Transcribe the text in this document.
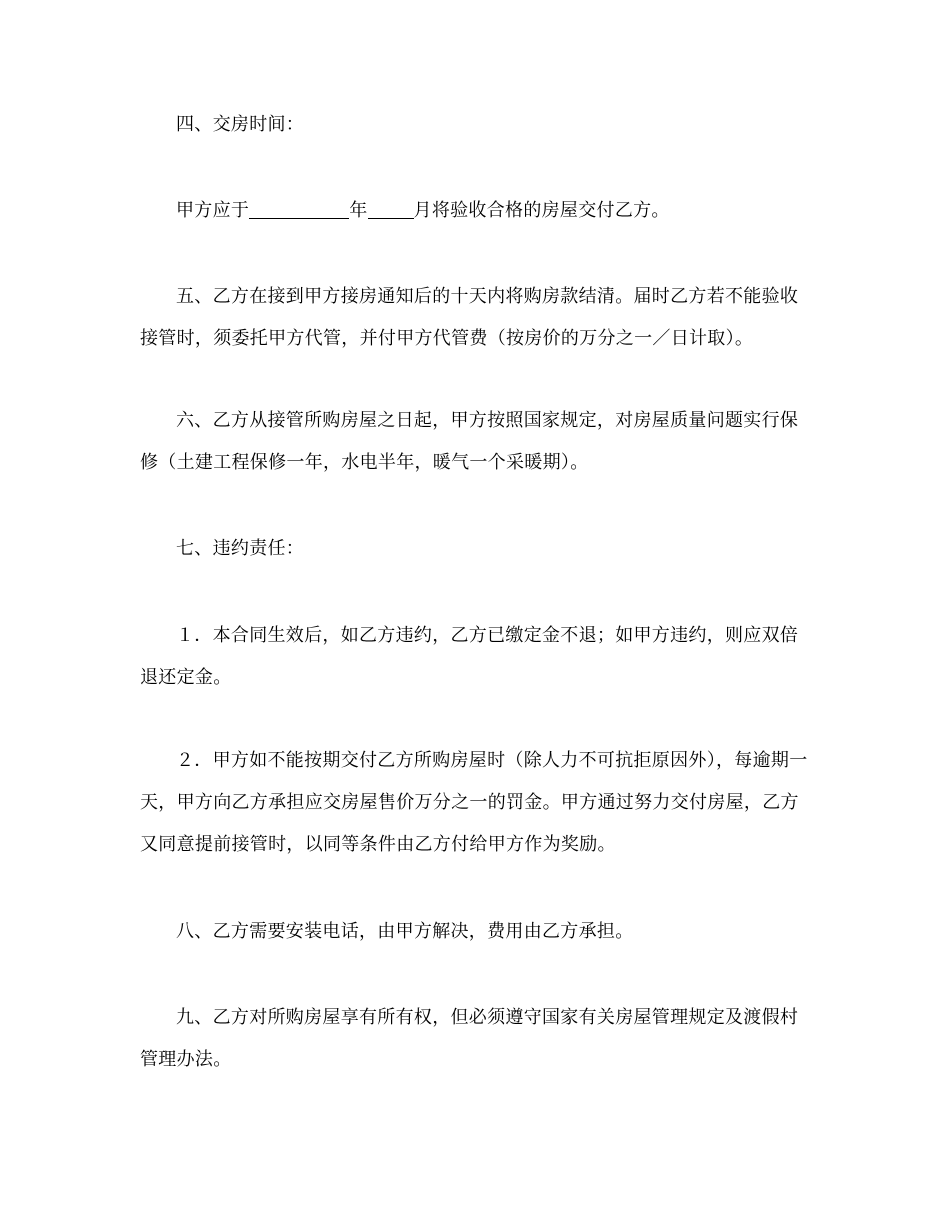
四、交房时间：

甲方应于	年	月将验收合格的房屋交付乙方。

五、乙方在接到甲方接房通知后的十天内将购房款结清。届时乙方若不能验收接管时，须委托甲方代管，并付甲方代管费（按房价的万分之一／日计取）。

六、乙方从接管所购房屋之日起，甲方按照国家规定，对房屋质量问题实行保修（土建工程保修一年，水电半年，暖气一个采暖期）。

七、违约责任：

１．本合同生效后，如乙方违约，乙方已缴定金不退；如甲方违约，则应双倍退还定金。

２．甲方如不能按期交付乙方所购房屋时（除人力不可抗拒原因外），每逾期一天，甲方向乙方承担应交房屋售价万分之一的罚金。甲方通过努力交付房屋，乙方又同意提前接管时，以同等条件由乙方付给甲方作为奖励。

八、乙方需要安装电话，由甲方解决，费用由乙方承担。

九、乙方对所购房屋享有所有权，但必须遵守国家有关房屋管理规定及渡假村管理办法。
